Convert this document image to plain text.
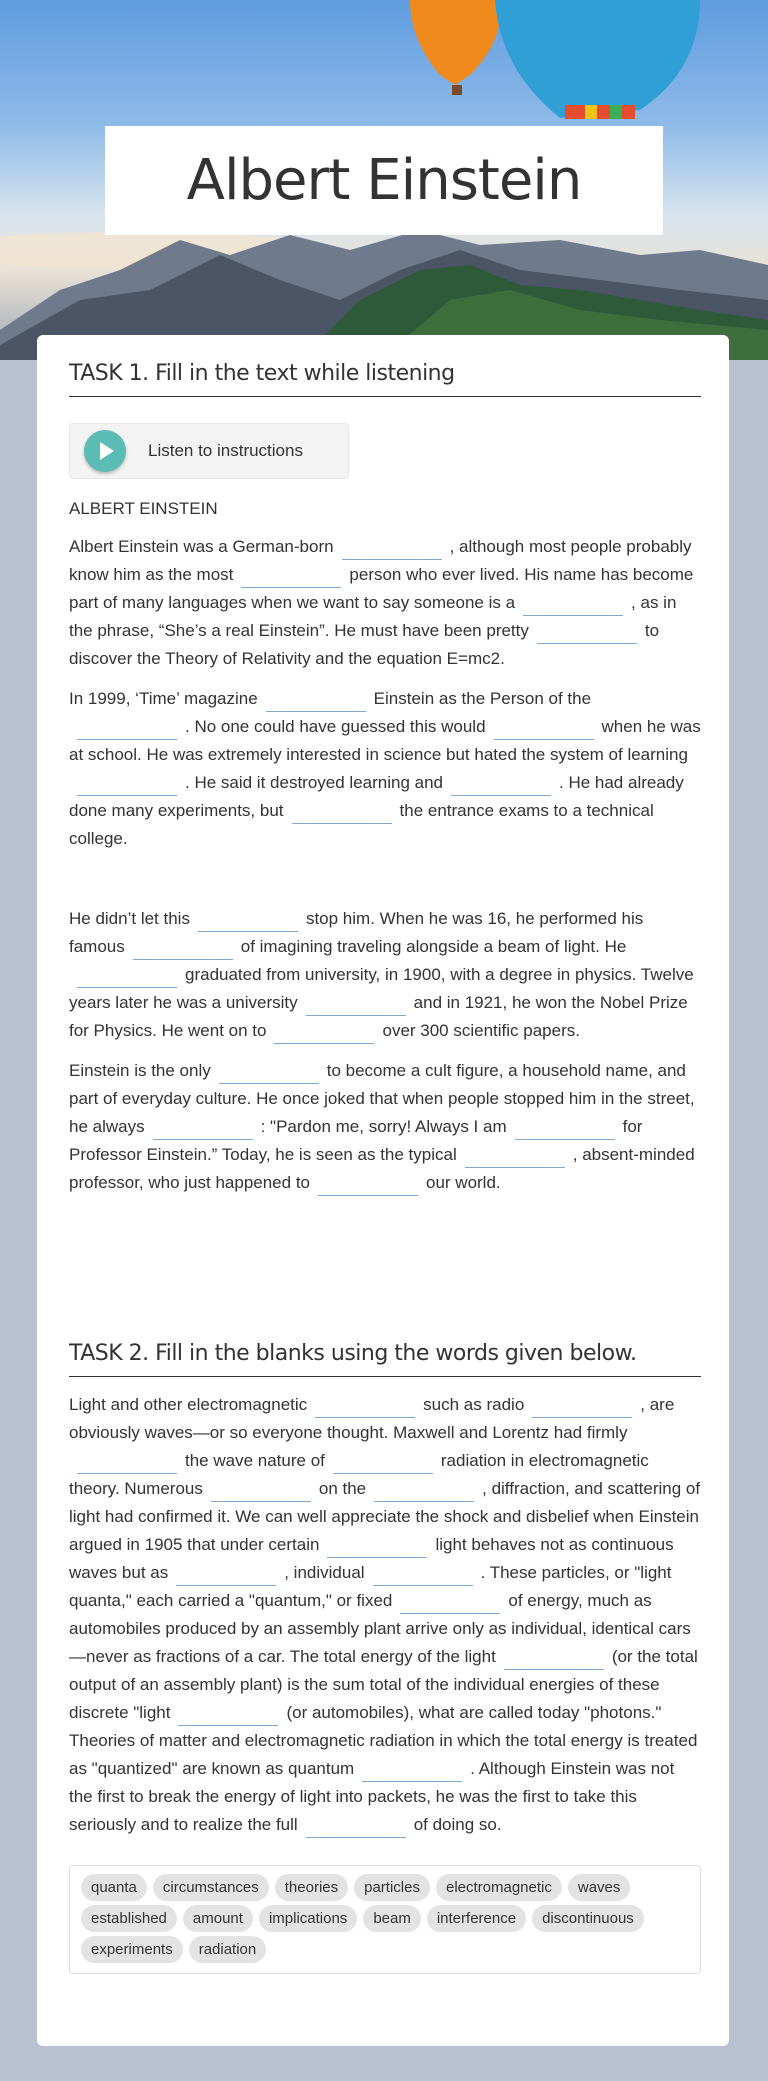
Albert Einstein
TASK 1. Fill in the text while listening
Listen to instructions
ALBERT EINSTEIN

Albert Einstein was a German-born	, although most people probably know him as the most	person who ever lived. His name has become part of many languages when we want to say someone is a	, as in the phrase, “She’s a real Einstein”. He must have been pretty	to discover the Theory of Relativity and the equation E=mc2.

In 1999, ‘Time’ magazine	Einstein as the Person of the. No one could have guessed this would	when he was at school. He was extremely interested in science but hated the system of learning. He said it destroyed learning and	. He had already done many experiments, but	the entrance exams to a technical college.

He didn’t let this	stop him. When he was 16, he performed his famous	of imagining traveling alongside a beam of light. Hegraduated from university, in 1900, with a degree in physics. Twelve years later he was a university	and in 1921, he won the Nobel Prize for Physics. He went on to	over 300 scientific papers.

Einstein is the only	to become a cult figure, a household name, and part of everyday culture. He once joked that when people stopped him in the street, he always	: "Pardon me, sorry! Always I am	for Professor Einstein.” Today, he is seen as the typical	, absent-minded professor, who just happened to	our world.

TASK 2. Fill in the blanks using the words given below.

Light and other electromagnetic	such as radio	, are obviously waves—or so everyone thought. Maxwell and Lorentz had firmlythe wave nature of	radiation in electromagnetic theory. Numerous	on the	, diffraction, and scattering of light had confirmed it. We can well appreciate the shock and disbelief when Einstein argued in 1905 that under certain	light behaves not as continuous waves but as	, individual	. These particles, or "light quanta," each carried a "quantum," or fixed	of energy, much as automobiles produced by an assembly plant arrive only as individual, identical cars—never as fractions of a car. The total energy of the light	(or the total output of an assembly plant) is the sum total of the individual energies of these discrete "light	(or automobiles), what are called today "photons." Theories of matter and electromagnetic radiation in which the total energy is treated as "quantized" are known as quantum	. Although Einstein was not the first to break the energy of light into packets, he was the first to take this seriously and to realize the full	of doing so.

quanta circumstances theories particles electromagnetic wavesestablished amount implications beam interference discontinuousexperiments radiation
